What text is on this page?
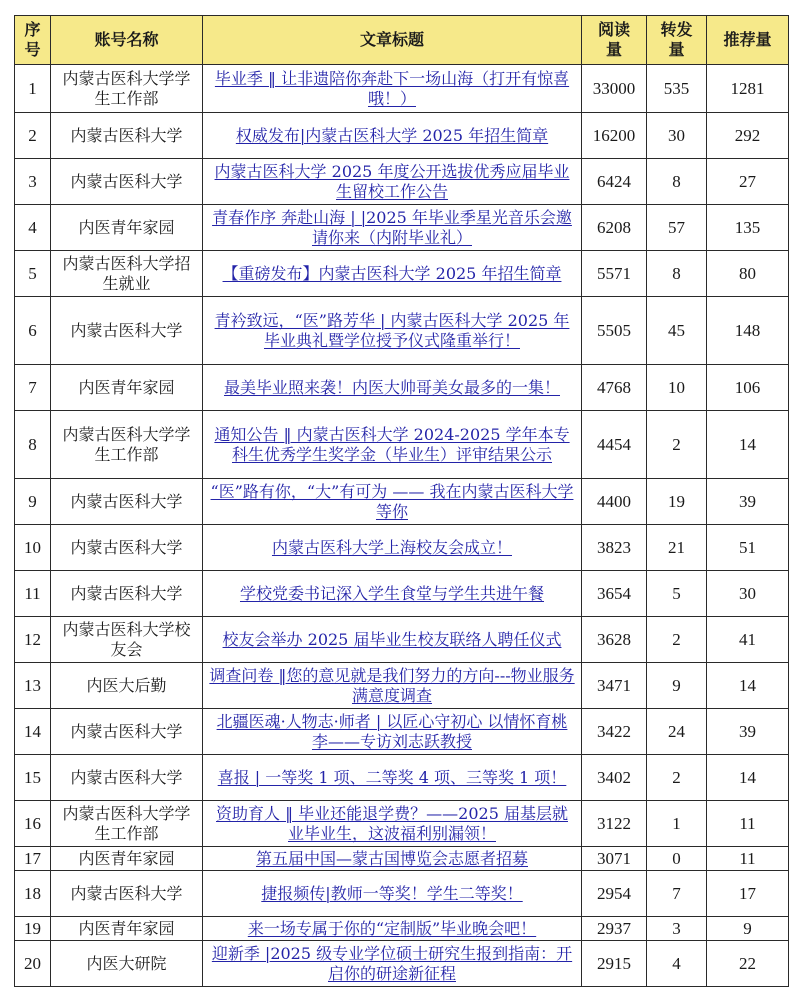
序号	账号名称	文章标题	阅读量	转发量	推荐量
1	内蒙古医科大学学生工作部	毕业季 ‖ 让非遗陪你奔赴下一场山海（打开有惊喜哦！）	33000	535	1281
2	内蒙古医科大学	权威发布|内蒙古医科大学 2025 年招生简章	16200	30	292
3	内蒙古医科大学	内蒙古医科大学 2025 年度公开选拔优秀应届毕业生留校工作公告	6424	8	27
4	内医青年家园	青春作序 奔赴山海 | |2025 年毕业季星光音乐会邀请你来（内附毕业礼）	6208	57	135
5	内蒙古医科大学招生就业	【重磅发布】内蒙古医科大学 2025 年招生简章	5571	8	80
6	内蒙古医科大学	青衿致远，“医”路芳华 | 内蒙古医科大学 2025 年毕业典礼暨学位授予仪式隆重举行！	5505	45	148
7	内医青年家园	最美毕业照来袭！内医大帅哥美女最多的一集！	4768	10	106
8	内蒙古医科大学学生工作部	通知公告 ‖ 内蒙古医科大学 2024-2025 学年本专科生优秀学生奖学金（毕业生）评审结果公示	4454	2	14
9	内蒙古医科大学	“医”路有你，“大”有可为 —— 我在内蒙古医科大学等你	4400	19	39
10	内蒙古医科大学	内蒙古医科大学上海校友会成立！	3823	21	51
11	内蒙古医科大学	学校党委书记深入学生食堂与学生共进午餐	3654	5	30
12	内蒙古医科大学校友会	校友会举办 2025 届毕业生校友联络人聘任仪式	3628	2	41
13	内医大后勤	调查问卷 ‖您的意见就是我们努力的方向---物业服务满意度调查	3471	9	14
14	内蒙古医科大学	北疆医魂·人物志·师者 | 以匠心守初心 以情怀育桃李——专访刘志跃教授	3422	24	39
15	内蒙古医科大学	喜报 | 一等奖 1 项、二等奖 4 项、三等奖 1 项！	3402	2	14
16	内蒙古医科大学学生工作部	资助育人 ‖ 毕业还能退学费？——2025 届基层就业毕业生，这波福利别漏领！	3122	1	11
17	内医青年家园	第五届中国—蒙古国博览会志愿者招募	3071	0	11
18	内蒙古医科大学	捷报频传|教师一等奖！学生二等奖！	2954	7	17
19	内医青年家园	来一场专属于你的“定制版”毕业晚会吧！	2937	3	9
20	内医大研院	迎新季 |2025 级专业学位硕士研究生报到指南：开启你的研途新征程	2915	4	22
